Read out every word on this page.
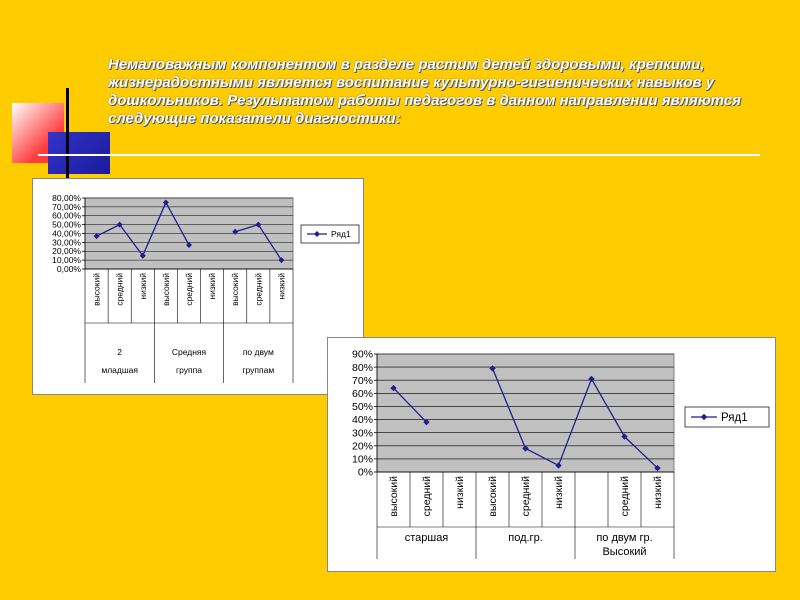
Немаловажным компонентом в разделе растим детей здоровыми, крепкими, жизнерадостными является воспитание культурно-гигиенических навыков у дошкольников. Результатом работы педагогов в данном направлении являются следующие показатели диагностики:

0,00%
10,00%
20,00%
30,00%
40,00%
50,00%
60,00%
70,00%
80,00%
высокий средний низкий высокий средний низкий высокий средний низкий
2
младшая
Средняя
группа
по двум
группам
Ряд1
0%
10%
20%
30%
40%
50%
60%
70%
80%
90%
высокий средний низкий высокий средний низкий	средний низкий
старшая	под.гр.	по двум гр.
Высокий
Ряд1
